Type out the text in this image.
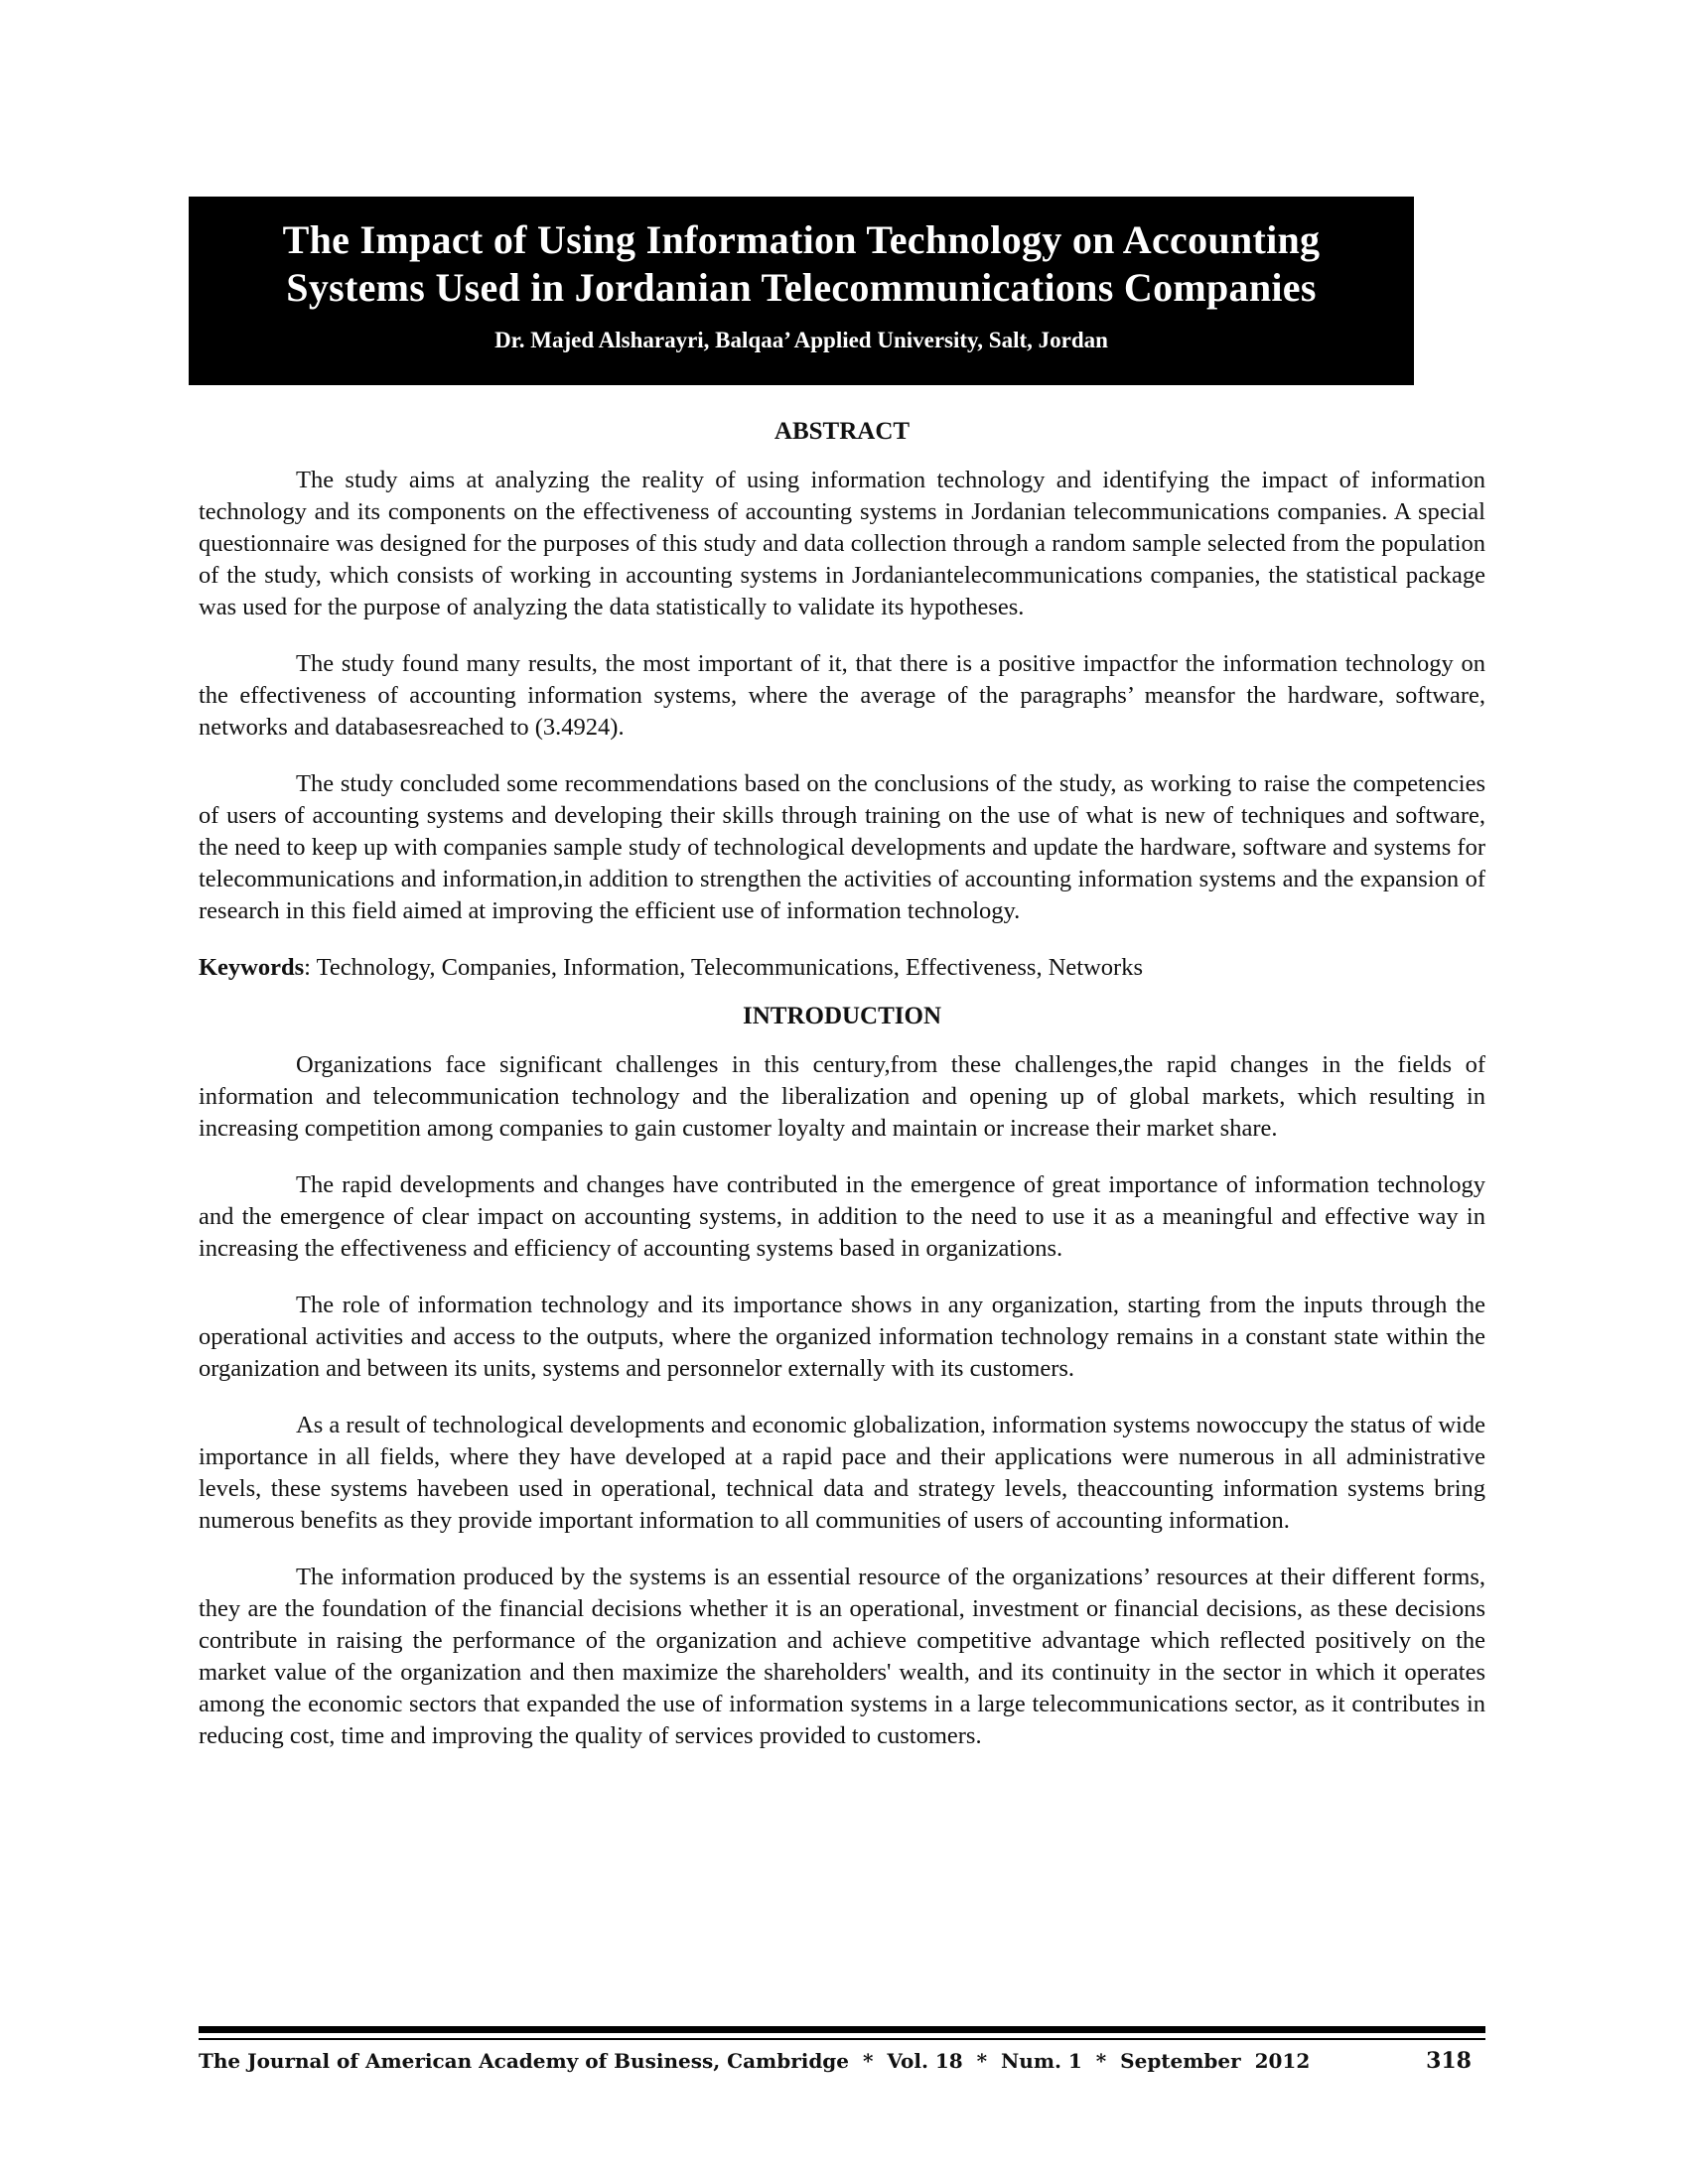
The Impact of Using Information Technology on Accounting
Systems Used in Jordanian Telecommunications Companies
Dr. Majed Alsharayri, Balqaa’ Applied University, Salt, Jordan
ABSTRACT

The study aims at analyzing the reality of using information technology and identifying the impact of information technology and its components on the effectiveness of accounting systems in Jordanian telecommunications companies. A special questionnaire was designed for the purposes of this study and data collection through a random sample selected from the population of the study, which consists of working in accounting systems in Jordaniantelecommunications companies, the statistical package was used for the purpose of analyzing the data statistically to validate its hypotheses.

The study found many results, the most important of it, that there is a positive impactfor the information technology on the effectiveness of accounting information systems, where the average of the paragraphs’ meansfor the hardware, software, networks and databasesreached to (3.4924).

The study concluded some recommendations based on the conclusions of the study, as working to raise the competencies of users of accounting systems and developing their skills through training on the use of what is new of techniques and software, the need to keep up with companies sample study of technological developments and update the hardware, software and systems for telecommunications and information,in addition to strengthen the activities of accounting information systems and the expansion of research in this field aimed at improving the efficient use of information technology.

Keywords: Technology, Companies, Information, Telecommunications, Effectiveness, Networks

INTRODUCTION

Organizations face significant challenges in this century,from these challenges,the rapid changes in the fields of information and telecommunication technology and the liberalization and opening up of global markets, which resulting in increasing competition among companies to gain customer loyalty and maintain or increase their market share.

The rapid developments and changes have contributed in the emergence of great importance of information technology and the emergence of clear impact on accounting systems, in addition to the need to use it as a meaningful and effective way in increasing the effectiveness and efficiency of accounting systems based in organizations.

The role of information technology and its importance shows in any organization, starting from the inputs through the operational activities and access to the outputs, where the organized information technology remains in a constant state within the organization and between its units, systems and personnelor externally with its customers.

As a result of technological developments and economic globalization, information systems nowoccupy the status of wide importance in all fields, where they have developed at a rapid pace and their applications were numerous in all administrative levels, these systems havebeen used in operational, technical data and strategy levels, theaccounting information systems bring numerous benefits as they provide important information to all communities of users of accounting information.

The information produced by the systems is an essential resource of the organizations’ resources at their different forms, they are the foundation of the financial decisions whether it is an operational, investment or financial decisions, as these decisions contribute in raising the performance of the organization and achieve competitive advantage which reflected positively on the market value of the organization and then maximize the shareholders' wealth, and its continuity in the sector in which it operates among the economic sectors that expanded the use of information systems in a large telecommunications sector, as it contributes in reducing cost, time and improving the quality of services provided to customers.

The Journal of American Academy of Business, Cambridge  *  Vol. 18  *  Num. 1  *  September  2012	318
